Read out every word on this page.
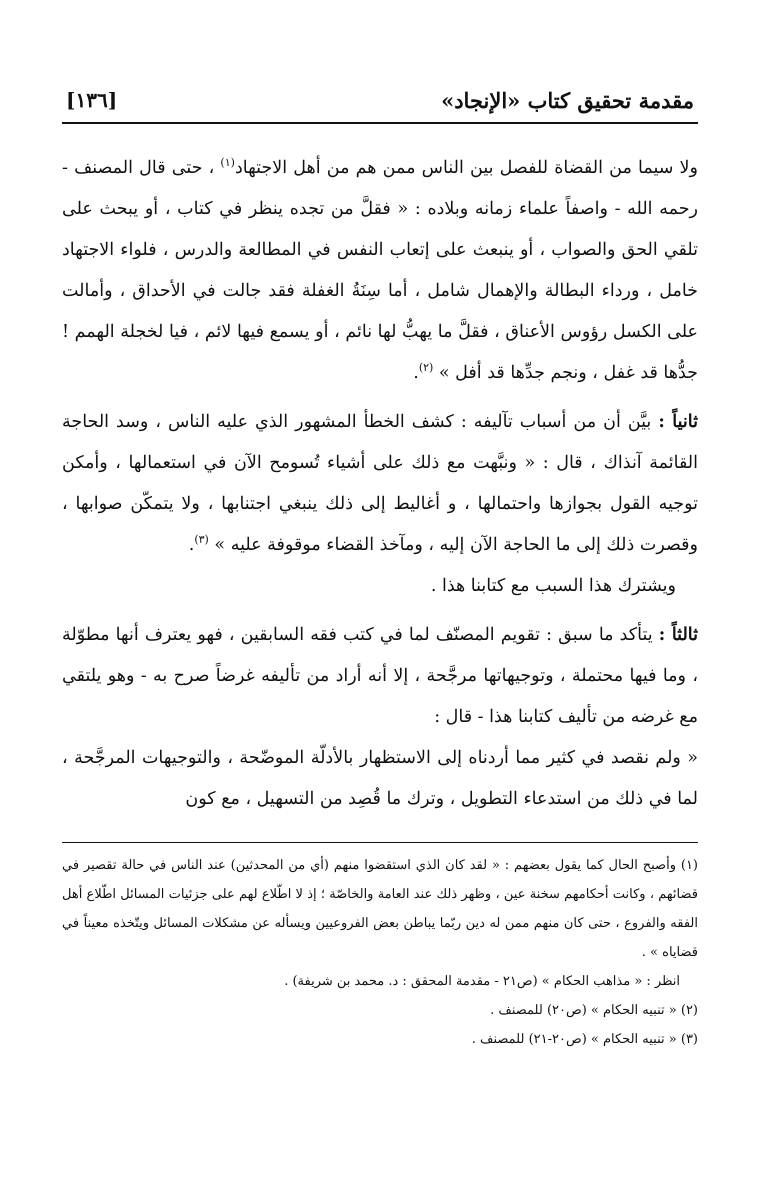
مقدمة تحقيق كتاب «الإنجاد»
[١٣٦]

ولا سيما من القضاة للفصل بين الناس ممن هم من أهل الاجتهاد$^{(١)}$ ، حتى قال المصنف - رحمه الله - واصفاً علماء زمانه وبلاده : « فقلَّ من تجده ينظر في كتاب ، أو يبحث على تلقي الحق والصواب ، أو ينبعث على إتعاب النفس في المطالعة والدرس ، فلواء الاجتهاد خامل ، ورداء البطالة والإهمال شامل ، أما سِنَةُ الغفلة فقد جالت في الأحداق ، وأمالت على الكسل رؤوس الأعناق ، فقلَّ ما يهبُّ لها نائم ، أو يسمع فيها لائم ، فيا لخجلة الهمم ! جدُّها قد غفل ، ونجم جدِّها قد أفل » $^{(٢)}$.

ثانياً : بيَّن أن من أسباب تآليفه : كشف الخطأ المشهور الذي عليه الناس ، وسد الحاجة القائمة آنذاك ، قال : « ونبَّهت مع ذلك على أشياء تُسومح الآن في استعمالها ، وأمكن توجيه القول بجوازها واحتمالها ، و أغاليط إلى ذلك ينبغي اجتنابها ، ولا يتمكّن صوابها ، وقصرت ذلك إلى ما الحاجة الآن إليه ، ومآخذ القضاء موقوفة عليه » $^{(٣)}$.

ويشترك هذا السبب مع كتابنا هذا .

ثالثاً : يتأكد ما سبق : تقويم المصنّف لما في كتب فقه السابقين ، فهو يعترف أنها مطوّلة ، وما فيها محتملة ، وتوجيهاتها مرجَّحة ، إلا أنه أراد من تأليفه غرضاً صرح به - وهو يلتقي مع غرضه من تأليف كتابنا هذا - قال :

« ولم نقصد في كثير مما أردناه إلى الاستظهار بالأدلّة الموضّحة ، والتوجيهات المرجَّحة ، لما في ذلك من استدعاء التطويل ، وترك ما قُصِد من التسهيل ، مع كون

(١) وأصبح الحال كما يقول بعضهم : « لقد كان الذي استقضوا منهم (أي من المحدثين) عند الناس في حالة تقصير في قضائهم ، وكانت أحكامهم سخنة عين ، وظهر ذلك عند العامة والخاصّة ؛ إذ لا اطّلاع لهم على جزئيات المسائل اطّلاع أهل الفقه والفروع ، حتى كان منهم ممن له دين ربّما يباطن بعض الفروعيين ويسأله عن مشكلات المسائل ويتّخذه معيناً في قضاياه » .

انظر : « مذاهب الحكام » (ص٢١ - مقدمة المحقق : د. محمد بن شريفة) .

(٢) « تنبيه الحكام » (ص٢٠) للمصنف .

(٣) « تنبيه الحكام » (ص٢٠-٢١) للمصنف .
